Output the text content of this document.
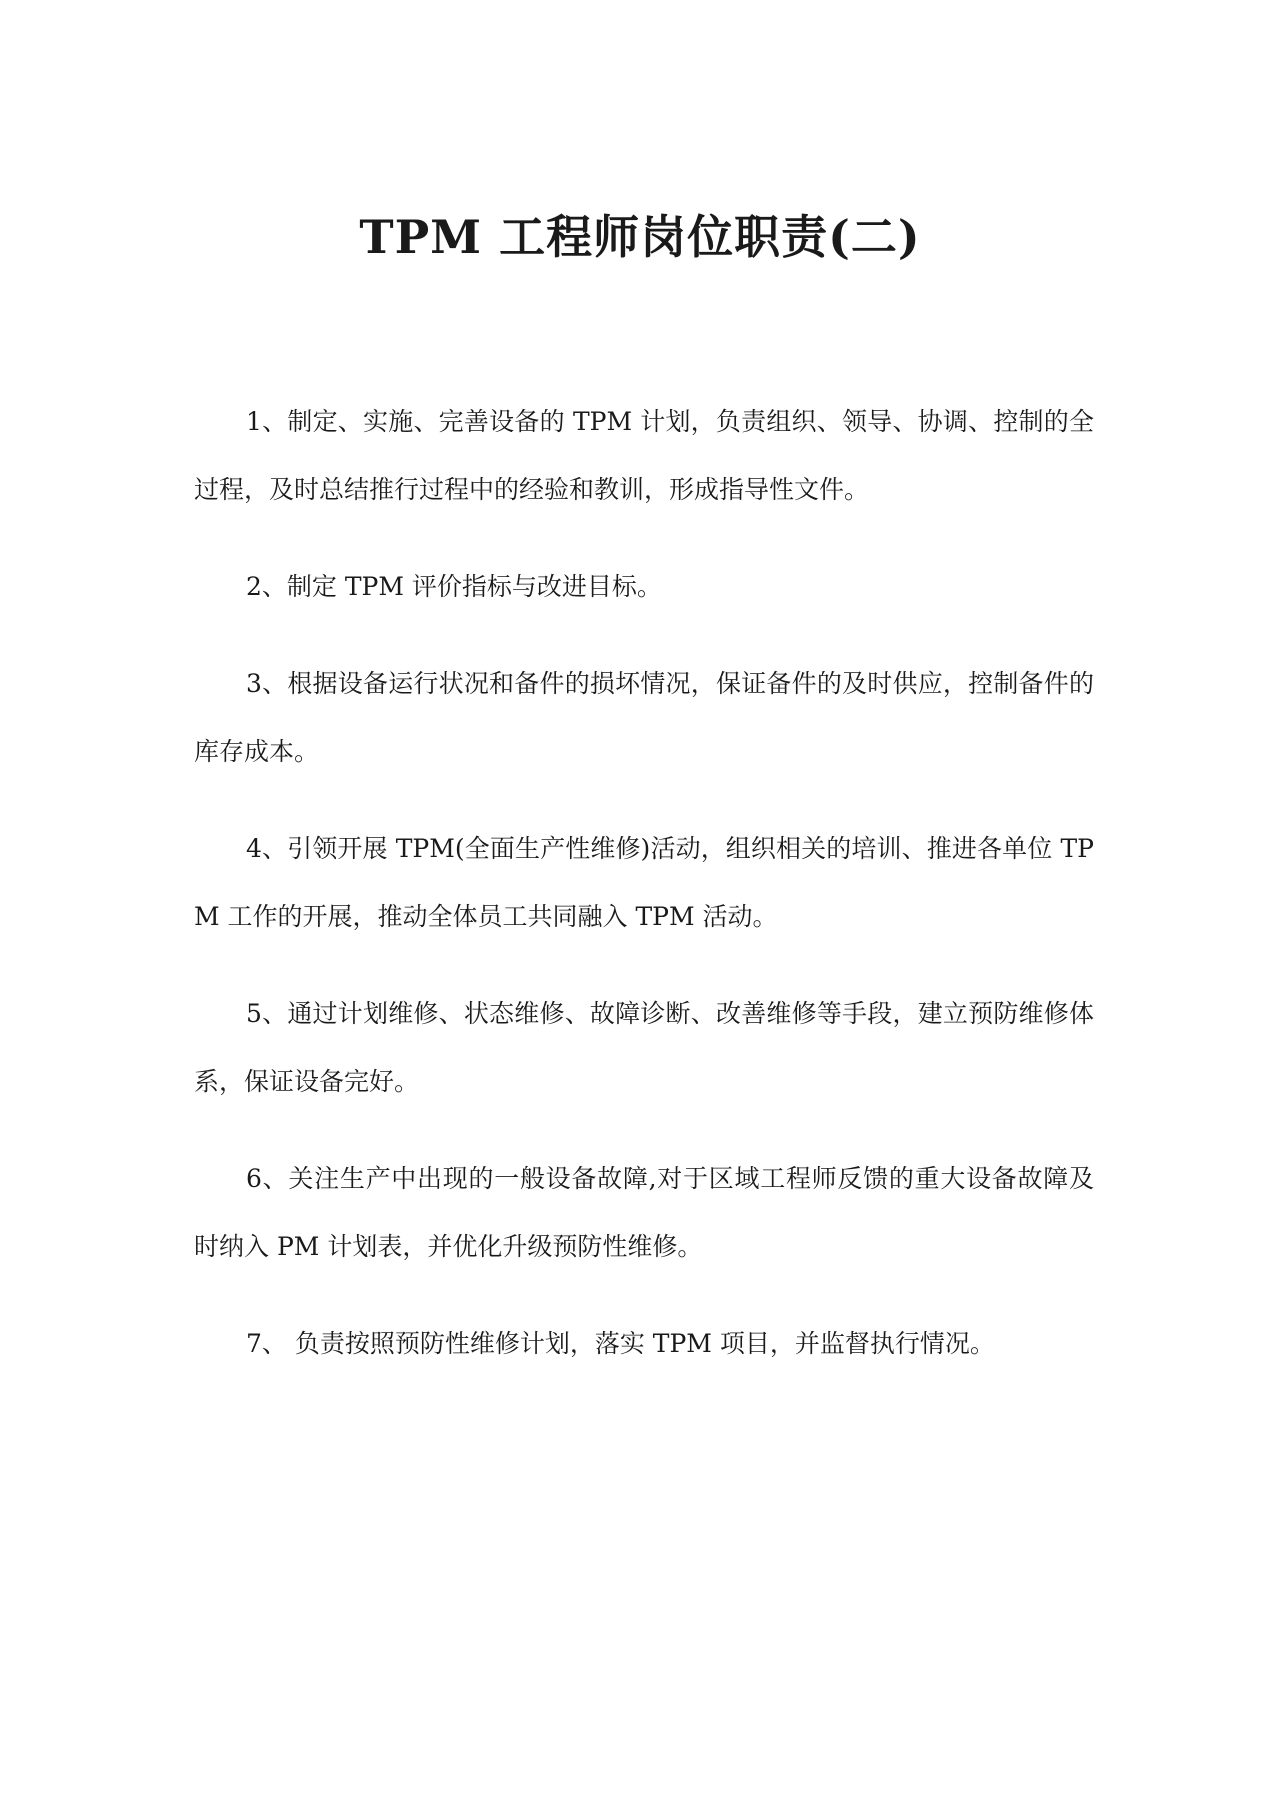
TPM 工程师岗位职责(二)

1、制定、实施、完善设备的 TPM 计划，负责组织、领导、协调、控制的全过程，及时总结推行过程中的经验和教训，形成指导性文件。

2、制定 TPM 评价指标与改进目标。

3、根据设备运行状况和备件的损坏情况，保证备件的及时供应，控制备件的库存成本。

4、引领开展 TPM(全面生产性维修)活动，组织相关的培训、推进各单位 TPM 工作的开展，推动全体员工共同融入 TPM 活动。

5、通过计划维修、状态维修、故障诊断、改善维修等手段，建立预防维修体系，保证设备完好。

6、关注生产中出现的一般设备故障,对于区域工程师反馈的重大设备故障及时纳入 PM 计划表，并优化升级预防性维修。

7、 负责按照预防性维修计划，落实 TPM 项目，并监督执行情况。
